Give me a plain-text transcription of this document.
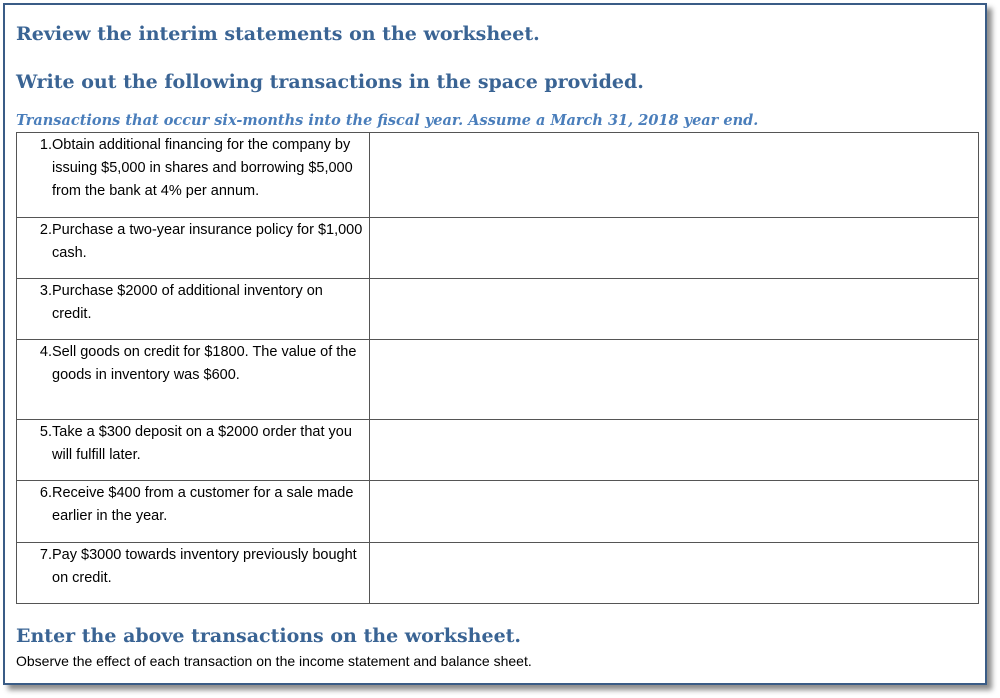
Review the interim statements on the worksheet.
Write out the following transactions in the space provided.
Transactions that occur six-months into the fiscal year. Assume a March 31, 2018 year end.
1. Obtain additional financing for the company by issuing $5,000 in shares and borrowing $5,000 from the bank at 4% per annum.	

2. Purchase a two-year insurance policy for $1,000 cash.	

3. Purchase $2000 of additional inventory on credit.	

4. Sell goods on credit for $1800. The value of the goods in inventory was $600.	

5. Take a $300 deposit on a $2000 order that you will fulfill later.	

6. Receive $400 from a customer for a sale made earlier in the year.	

7. Pay $3000 towards inventory previously bought on credit.	

Enter the above transactions on the worksheet.
Observe the effect of each transaction on the income statement and balance sheet.
